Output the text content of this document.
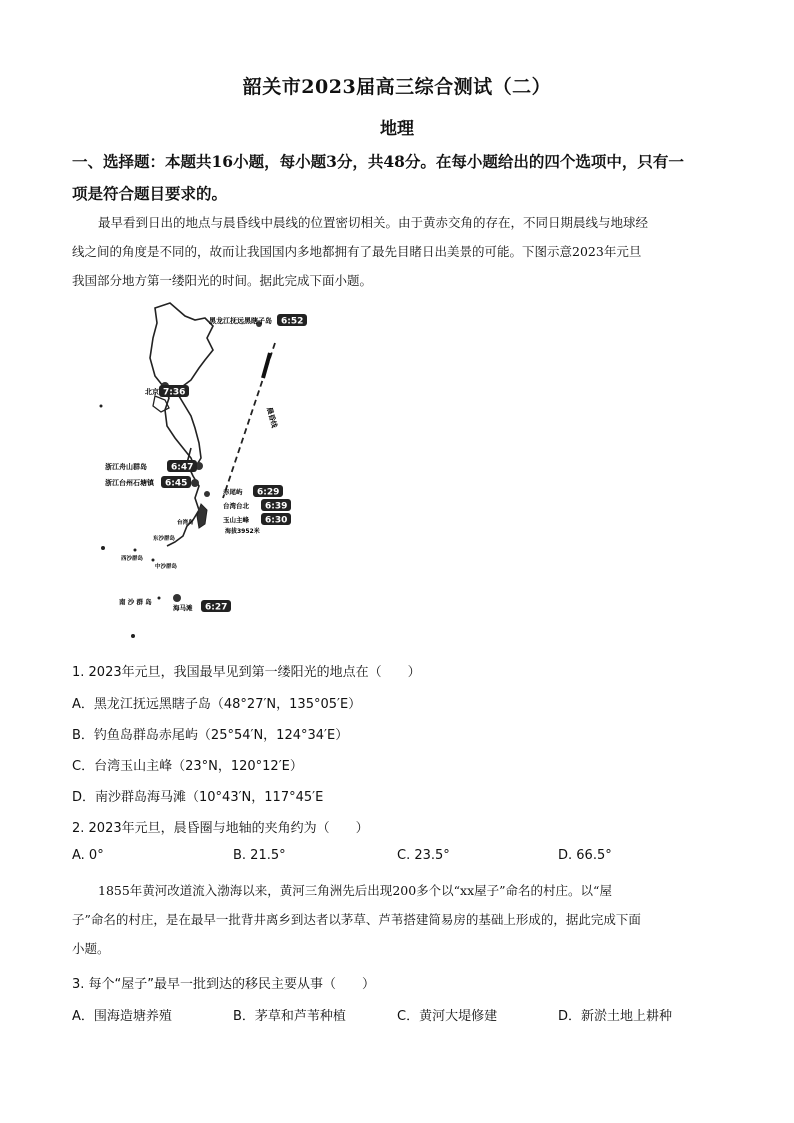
韶关市2023届高三综合测试（二）
地理
一、选择题：本题共16小题，每小题3分，共48分。在每小题给出的四个选项中，只有一
项是符合题目要求的。
最早看到日出的地点与晨昏线中晨线的位置密切相关。由于黄赤交角的存在，不同日期晨线与地球经
线之间的角度是不同的，故而让我国国内多地都拥有了最先目睹日出美景的可能。下图示意2023年元旦
我国部分地方第一缕阳光的时间。据此完成下面小题。
黑龙江抚远黑瞎子岛 6:52
晨昏线
北京 7:36
浙江舟山群岛	6:47
浙江台州石塘镇 6:45
赤尾屿 6:29
台湾台北 6:39
玉山主峰 6:30
海拔3952米
台湾岛
东沙群岛
西沙群岛
中沙群岛
南 沙 群 岛
海马滩 6:27
1. 2023年元旦，我国最早见到第一缕阳光的地点在（　　）
A．黑龙江抚远黑瞎子岛（48°27′N，135°05′E）
B．钓鱼岛群岛赤尾屿（25°54′N，124°34′E）
C．台湾玉山主峰（23°N，120°12′E）
D．南沙群岛海马滩（10°43′N，117°45′E
2. 2023年元旦，晨昏圈与地轴的夹角约为（　　）
A. 0°	B. 21.5°	C. 23.5°	D. 66.5°
1855年黄河改道流入渤海以来，黄河三角洲先后出现200多个以“xx屋子”命名的村庄。以“屋
子”命名的村庄，是在最早一批背井离乡到达者以茅草、芦苇搭建简易房的基础上形成的，据此完成下面
小题。
3. 每个“屋子”最早一批到达的移民主要从事（　　）
A．围海造塘养殖	B．茅草和芦苇种植	C．黄河大堤修建	D．新淤土地上耕种
